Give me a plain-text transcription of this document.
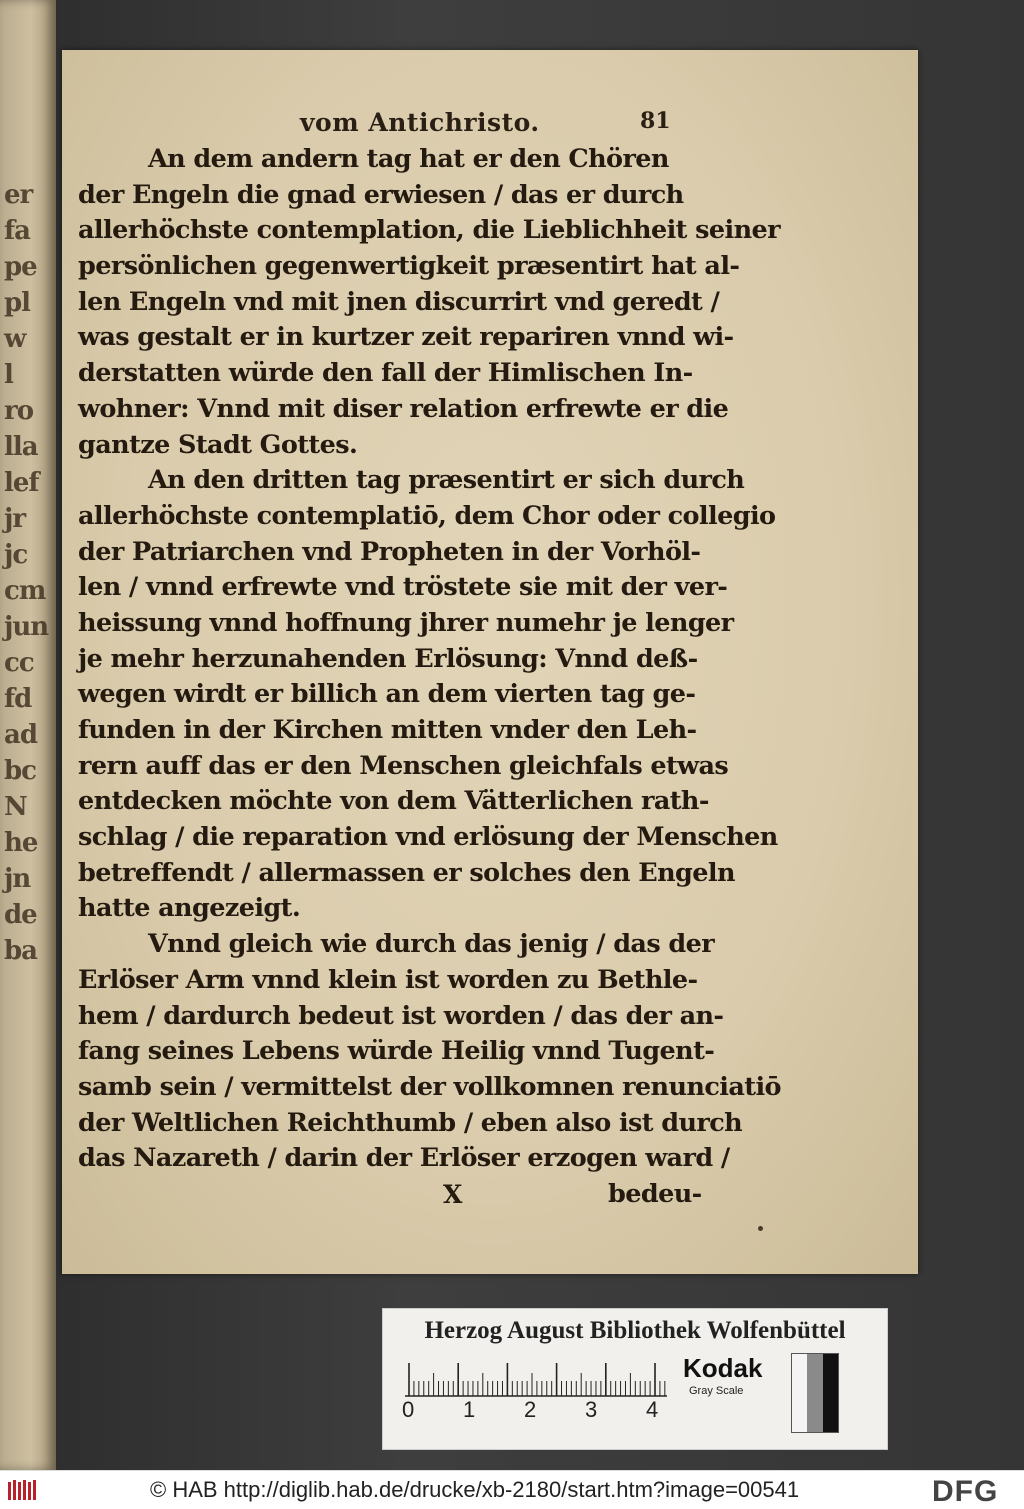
er
fa
pe
pl
w
l
ro
lla
lef
jr
jc
cm
jun
cc
fd
ad
bc
N
he
jn
de
ba
vom Antichristo.	81
An dem andern tag hat er den Chören
der Engeln die gnad erwiesen / das er durch
allerhöchste contemplation, die Lieblichheit seiner
persönlichen gegenwertigkeit præsentirt hat al‑
len Engeln vnd mit jnen discurrirt vnd geredt /
was gestalt er in kurtzer zeit repariren vnnd wi‑
derstatten würde den fall der Himlischen In‑
wohner: Vnnd mit diser relation erfrewte er die
gantze Stadt Gottes.
An den dritten tag præsentirt er sich durch
allerhöchste contemplatiō, dem Chor oder collegio
der Patriarchen vnd Propheten in der Vorhöl‑
len / vnnd erfrewte vnd tröstete sie mit der ver‑
heissung vnnd hoffnung jhrer numehr je lenger
je mehr herzunahenden Erlösung: Vnnd deß‑
wegen wirdt er billich an dem vierten tag ge‑
funden in der Kirchen mitten vnder den Leh‑
rern auff das er den Menschen gleichfals etwas
entdecken möchte von dem Vätterlichen rath‑
schlag / die reparation vnd erlösung der Menschen
betreffendt / allermassen er solches den Engeln
hatte angezeigt.
Vnnd gleich wie durch das jenig / das der
Erlöser Arm vnnd klein ist worden zu Bethle‑
hem / dardurch bedeut ist worden / das der an‑
fang seines Lebens würde Heilig vnnd Tugent‑
samb sein / vermittelst der vollkomnen renunciatiō
der Weltlichen Reichthumb / eben also ist durch
das Nazareth / darin der Erlöser erzogen ward /
X	bedeu‑
Herzog August Bibliothek Wolfenbüttel
0 1 2 3 4
Kodak
Gray Scale
© HAB http://diglib.hab.de/drucke/xb-2180/start.htm?image=00541	DFG
